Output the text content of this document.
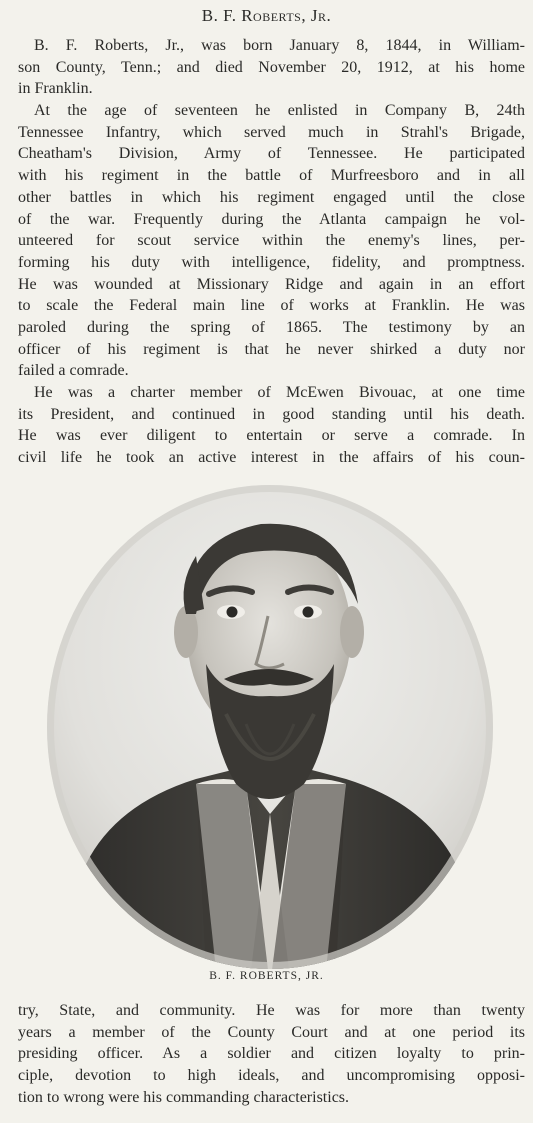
B. F. Roberts, Jr.
B. F. Roberts, Jr., was born January 8, 1844, in William-
son County, Tenn.; and died November 20, 1912, at his home
in Franklin.
At the age of seventeen he enlisted in Company B, 24th
Tennessee Infantry, which served much in Strahl's Brigade,
Cheatham's Division, Army of Tennessee. He participated
with his regiment in the battle of Murfreesboro and in all
other battles in which his regiment engaged until the close
of the war. Frequently during the Atlanta campaign he vol-
unteered for scout service within the enemy's lines, per-
forming his duty with intelligence, fidelity, and promptness.
He was wounded at Missionary Ridge and again in an effort
to scale the Federal main line of works at Franklin. He was
paroled during the spring of 1865. The testimony by an
officer of his regiment is that he never shirked a duty nor
failed a comrade.
He was a charter member of McEwen Bivouac, at one time
its President, and continued in good standing until his death.
He was ever diligent to entertain or serve a comrade. In
civil life he took an active interest in the affairs of his coun-
B. F. ROBERTS, JR.
try, State, and community. He was for more than twenty
years a member of the County Court and at one period its
presiding officer. As a soldier and citizen loyalty to prin-
ciple, devotion to high ideals, and uncompromising opposi-
tion to wrong were his commanding characteristics.
